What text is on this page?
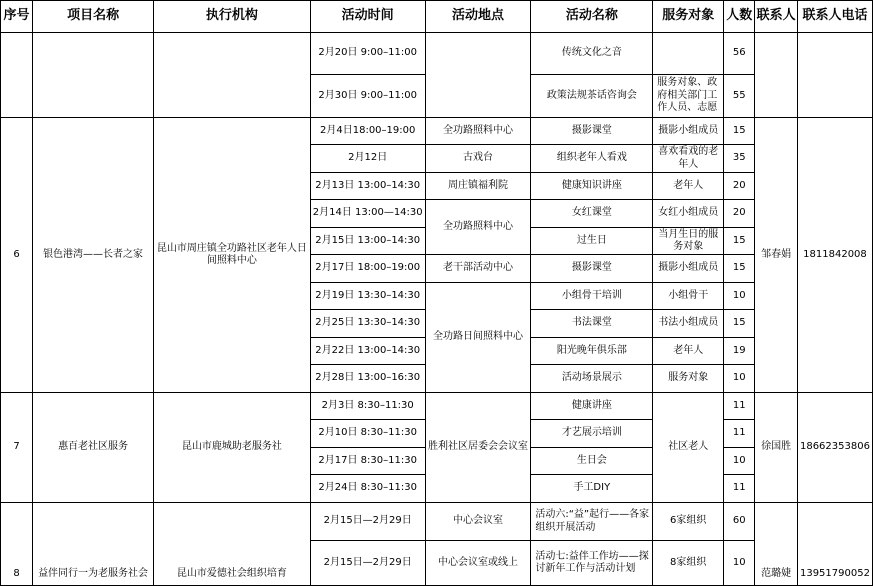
序号	项目名称	执行机构	活动时间	活动地点	活动名称	服务对象	人数	联系人	联系人电话
			2月20日 9:00–11:00		传统文化之音		56		
			2月30日 9:00–11:00		政策法规茶话咨询会	服务对象、政府相关部门工作人员、志愿	55		
6	银色港湾——长者之家	昆山市周庄镇全功路社区老年人日间照料中心	2月4日18:00–19:00	全功路照料中心	摄影课堂	摄影小组成员	15	邹春娟	1811842008
			2月12日	古戏台	组织老年人看戏	喜欢看戏的老年人	35		
			2月13日 13:00–14:30	周庄镇福利院	健康知识讲座	老年人	20		
			2月14日 13:00—14:30	全功路照料中心	女红课堂	女红小组成员	20		
			2月15日 13:00–14:30		过生日	当月生日的服务对象	15		
			2月17日 18:00–19:00	老干部活动中心	摄影课堂	摄影小组成员	15		
			2月19日 13:30–14:30	全功路日间照料中心	小组骨干培训	小组骨干	10		
			2月25日 13:30–14:30		书法课堂	书法小组成员	15		
			2月22日 13:00–14:30		阳光晚年俱乐部	老年人	19		
			2月28日 13:00–16:30		活动场景展示	服务对象	10		
7	惠百老社区服务	昆山市鹿城助老服务社	2月3日 8:30–11:30	胜利社区居委会会议室	健康讲座	社区老人	11	徐国胜	18662353806
			2月10日 8:30–11:30		才艺展示培训		11		
			2月17日 8:30–11:30		生日会		10		
			2月24日 8:30–11:30		手工DIY		11		

8	益伴同行一为老服务社会	昆山市爱德社会组织培育	2月15日—2月29日	中心会议室	活动六:“益”起行——各家组织开展活动	6家组织	60	范璐婕	13951790052

			2月15日—2月29日	中心会议室或线上	活动七:益伴工作坊——探讨新年工作与活动计划	8家组织	10		
